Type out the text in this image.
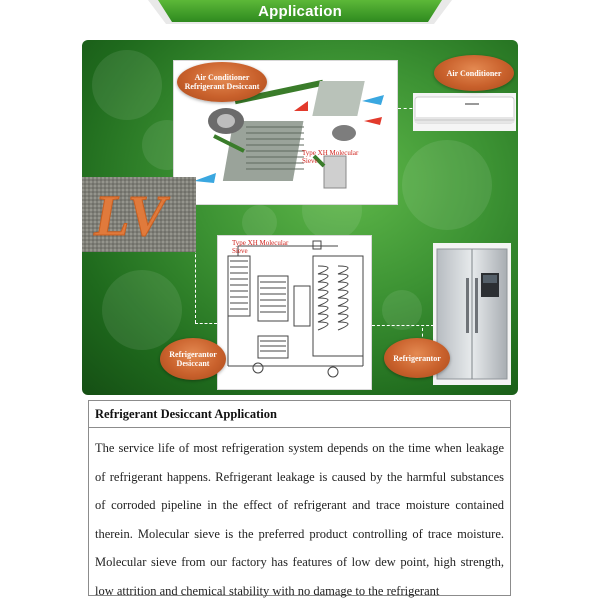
Application
Type XH Molecular Sieve
Type XH Molecular Sieve
LV
Air Conditioner Refrigerant Desiccant
Air Conditioner
Refrigerantor Desiccant
Refrigerantor
Refrigerant Desiccant Application
The service life of most refrigeration system depends on the time when leakage of refrigerant happens. Refrigerant leakage is caused by the harmful substances of corroded pipeline in the effect of refrigerant and trace moisture contained therein. Molecular sieve is the preferred product controlling of trace moisture. Molecular sieve from our factory has features of low dew point, high strength, low attrition and chemical stability with no damage to the refrigerant
